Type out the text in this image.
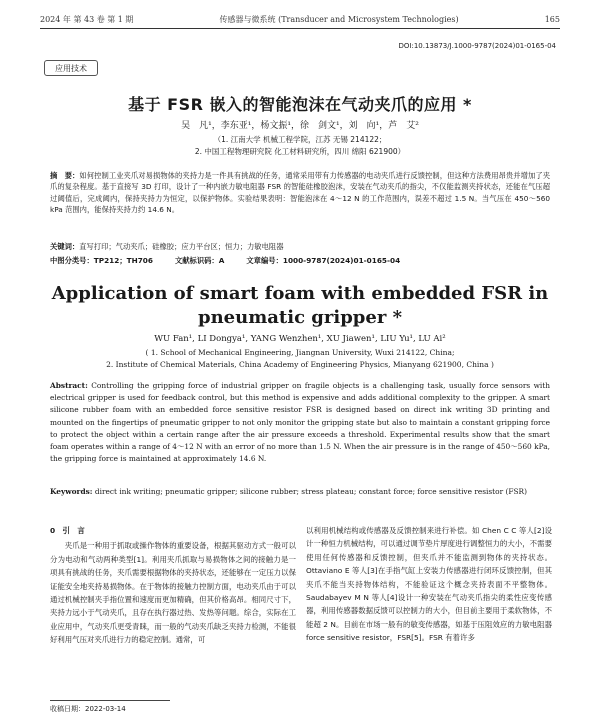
2024 年 第 43 卷 第 1 期	传感器与微系统 (Transducer and Microsystem Technologies)	165
DOI:10.13873/J.1000-9787(2024)01-0165-04
应用技术
基于 FSR 嵌入的智能泡沫在气动夹爪的应用 *
吴　凡¹，李东亚¹，杨文振¹，徐　剑文¹，刘　向¹，芦　艾²
（1. 江南大学 机械工程学院，江苏 无锡 214122；
2. 中国工程物理研究院 化工材料研究所，四川 绵阳 621900）
摘　要：如何控制工业夹爪对易损物体的夹持力是一件具有挑战的任务，通常采用带有力传感器的电动夹爪进行反馈控制，但这种方法费用昂贵并增加了夹爪的复杂程度。基于直接写 3D 打印，设计了一种内嵌力敏电阻器 FSR 的智能硅橡胶泡沫，安装在气动夹爪的指尖，不仅能监测夹持状态，还能在气压超过阈值后，完成阈内，保持夹持力为恒定，以保护物体。实验结果表明：智能泡沫在 4～12 N 的工作范围内，误差不超过 1.5 N。当气压在 450～560 kPa 范围内，能保持夹持力约 14.6 N。
关键词：直写打印；气动夹爪；硅橡胶；应力平台区；恒力；力敏电阻器
中图分类号：TP212；TH706	文献标识码：A	文章编号：1000-9787(2024)01-0165-04
Application of smart foam with embedded FSR in
pneumatic gripper *
WU Fan¹, LI Dongya¹, YANG Wenzhen¹, XU Jiawen¹, LIU Yu¹, LU Ai²
( 1. School of Mechanical Engineering, Jiangnan University, Wuxi 214122, China;
2. Institute of Chemical Materials, China Academy of Engineering Physics, Mianyang 621900, China )
Abstract: Controlling the gripping force of industrial gripper on fragile objects is a challenging task, usually force sensors with electrical gripper is used for feedback control, but this method is expensive and adds additional complexity to the gripper. A smart silicone rubber foam with an embedded force sensitive resistor FSR is designed based on direct ink writing 3D printing and mounted on the fingertips of pneumatic gripper to not only monitor the gripping state but also to maintain a constant gripping force to protect the object within a certain range after the air pressure exceeds a threshold. Experimental results show that the smart foam operates within a range of 4～12 N with an error of no more than 1.5 N. When the air pressure is in the range of 450～560 kPa, the gripping force is maintained at approximately 14.6 N.
Keywords: direct ink writing; pneumatic gripper; silicone rubber; stress plateau; constant force; force sensitive resistor (FSR)
0　引　言
夹爪是一种用于抓取或操作物体的重要设备，根据其驱动方式一般可以分为电动和气动两种类型[1]。利用夹爪抓取与易损物体之间的接触力是一项具有挑战的任务，夹爪需要根据物体的夹持状态，还能够在一定压力以保证能安全地夹持易损物体。在于物体的接触力控制方面，电动夹爪由于可以通过机械控制夹手指位置和速度而更加精确，但其价格高昂。相同尺寸下，夹持力远小于气动夹爪，且存在执行器过热、发热等问题。综合，实际在工业应用中，气动夹爪更受青睐，而一般的气动夹爪缺乏夹持力检测，不能很好利用气压对夹爪进行力的稳定控制。通常，可
以利用机械结构或传感器及反馈控制来进行补偿。如 Chen C C 等人[2]设计一种恒力机械结构，可以通过调节垫片厚度进行调整恒力的大小，不需要使用任何传感器和反馈控制，但夹爪并不能监测到物体的夹持状态。Ottaviano E 等人[3]在手指气缸上安装力传感器进行闭环反馈控制，但其夹爪不能当夹持物体结构，不能验证这个概念夹持表面不平整物体。Saudabayev M N 等人[4]设计一种安装在气动夹爪指尖的柔性应变传感器，利用传感器数据反馈可以控制力的大小，但目前主要用于柔软物体，不能超 2 N。目前在市场一般有的敏变传感器，如基于压阻效应的力敏电阻器 force sensitive resistor，FSR[5]。FSR 有着许多
收稿日期：2022-03-14
